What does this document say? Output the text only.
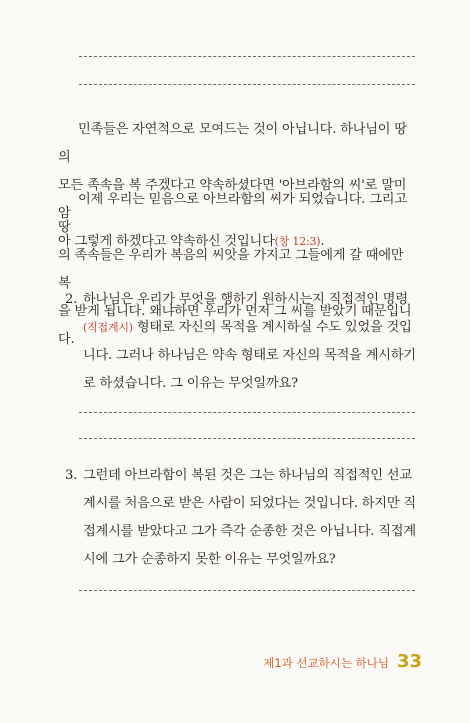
민족들은 자연적으로 모여드는 것이 아닙니다. 하나님이 땅의
모든 족속을 복 주겠다고 약속하셨다면 '아브라함의 씨'로 말미암
아 그렇게 하겠다고 약속하신 것입니다(창 12:3).
이제 우리는 믿음으로 아브라함의 씨가 되었습니다. 그리고 땅
의 족속들은 우리가 복음의 씨앗을 가지고 그들에게 갈 때에만 복
을 받게 됩니다. 왜냐하면 우리가 먼저 그 씨를 받았기 때문입니다.
2. 하나님은 우리가 무엇을 행하기 원하시는지 직접적인 명령
(직접계시) 형태로 자신의 목적을 계시하실 수도 있었을 것입
니다. 그러나 하나님은 약속 형태로 자신의 목적을 계시하기
로 하셨습니다. 그 이유는 무엇일까요?
3. 그런데 아브라함이 복된 것은 그는 하나님의 직접적인 선교
계시를 처음으로 받은 사람이 되었다는 것입니다. 하지만 직
접계시를 받았다고 그가 즉각 순종한 것은 아닙니다. 직접계
시에 그가 순종하지 못한 이유는 무엇일까요?
제1과 선교하시는 하나님 33
